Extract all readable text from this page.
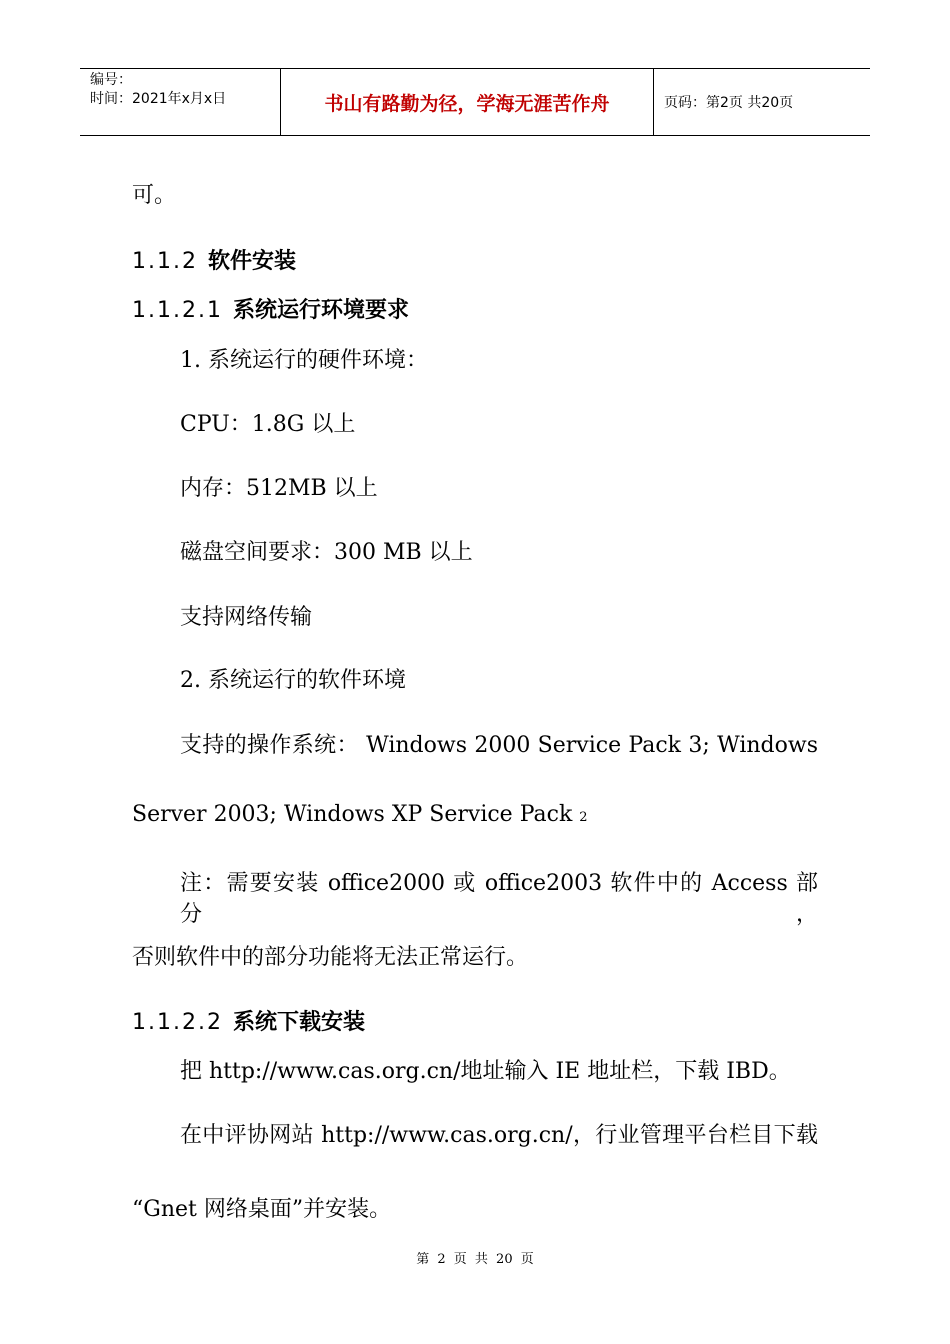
编号：
时间：2021年x月x日	书山有路勤为径，学海无涯苦作舟	页码：第2页 共20页
可。
1.1.2 软件安装
1.1.2.1 系统运行环境要求
1. 系统运行的硬件环境：
CPU：1.8G 以上
内存：512MB 以上
磁盘空间要求：300 MB 以上
支持网络传输
2. 系统运行的软件环境
支持的操作系统： Windows 2000 Service Pack 3; Windows
Server 2003; Windows XP Service Pack 2
注：需要安装 office2000 或 office2003 软件中的 Access 部分，
否则软件中的部分功能将无法正常运行。
1.1.2.2 系统下载安装
把 http://www.cas.org.cn/地址输入 IE 地址栏，下载 IBD。
在中评协网站 http://www.cas.org.cn/，行业管理平台栏目下载
“Gnet 网络桌面”并安装。
第 2 页 共 20 页
